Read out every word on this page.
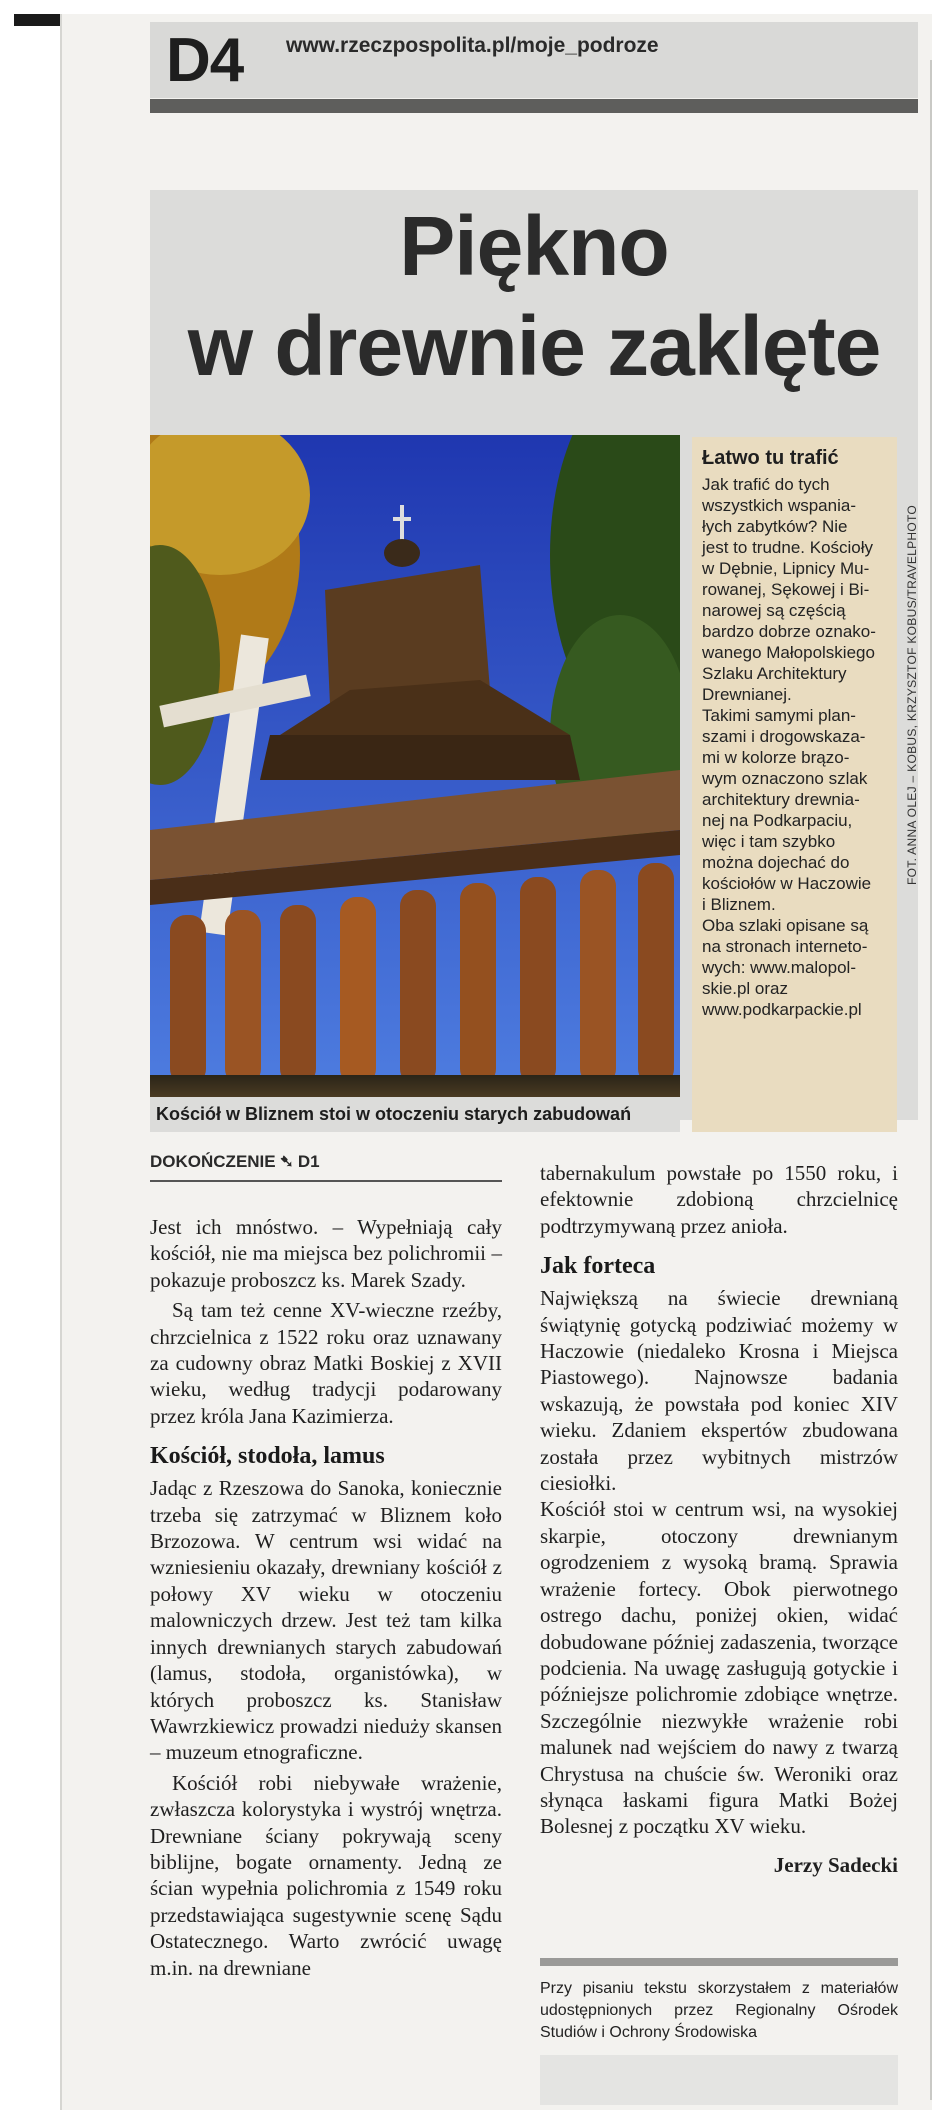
D4 www.rzeczpospolita.pl/moje_podroze
Piękno
w drewnie zaklęte
Kościół w Bliznem stoi w otoczeniu starych zabudowań
Łatwo tu trafić
Jak trafić do tych
wszystkich wspania-
łych zabytków? Nie
jest to trudne. Kościoły
w Dębnie, Lipnicy Mu-
rowanej, Sękowej i Bi-
narowej są częścią
bardzo dobrze oznako-
wanego Małopolskiego
Szlaku Architektury
Drewnianej.
Takimi samymi plan-
szami i drogowskaza-
mi w kolorze brązo-
wym oznaczono szlak
architektury drewnia-
nej na Podkarpaciu,
więc i tam szybko
można dojechać do
kościołów w Haczowie
i Bliznem.
Oba szlaki opisane są
na stronach interneto-
wych: www.malopol-
skie.pl oraz
www.podkarpackie.pl
FOT. ANNA OLEJ – KOBUS, KRZYSZTOF KOBUS/TRAVELPHOTO
DOKOŃCZENIE ➷ D1

Jest ich mnóstwo. – Wypełniają cały kościół, nie ma miejsca bez polichromii – pokazuje proboszcz ks. Marek Szady.

Są tam też cenne XV-wieczne rzeźby, chrzcielnica z 1522 roku oraz uznawany za cudowny obraz Matki Boskiej z XVII wieku, według tradycji podarowany przez króla Jana Kazimierza.

Kościół, stodoła, lamus

Jadąc z Rzeszowa do Sanoka, koniecznie trzeba się zatrzymać w Bliznem koło Brzozowa. W centrum wsi widać na wzniesieniu okazały, drewniany kościół z połowy XV wieku w otoczeniu malowniczych drzew. Jest też tam kilka innych drewnianych starych zabudowań (lamus, stodoła, organistówka), w których proboszcz ks. Stanisław Wawrzkiewicz prowadzi nieduży skansen – muzeum etnograficzne.

Kościół robi niebywałe wrażenie, zwłaszcza kolorystyka i wystrój wnętrza. Drewniane ściany pokrywają sceny biblijne, bogate ornamenty. Jedną ze ścian wypełnia polichromia z 1549 roku przedstawiająca sugestywnie scenę Sądu Ostatecznego. Warto zwrócić uwagę m.in. na drewniane

tabernakulum powstałe po 1550 roku, i efektownie zdobioną chrzcielnicę podtrzymywaną przez anioła.

Jak forteca

Największą na świecie drewnianą świątynię gotycką podziwiać możemy w Haczowie (niedaleko Krosna i Miejsca Piastowego). Najnowsze badania wskazują, że powstała pod koniec XIV wieku. Zdaniem ekspertów zbudowana została przez wybitnych mistrzów ciesiołki.

Kościół stoi w centrum wsi, na wysokiej skarpie, otoczony drewnianym ogrodzeniem z wysoką bramą. Sprawia wrażenie fortecy. Obok pierwotnego ostrego dachu, poniżej okien, widać dobudowane później zadaszenia, tworzące podcienia. Na uwagę zasługują gotyckie i późniejsze polichromie zdobiące wnętrze. Szczególnie niezwykłe wrażenie robi malunek nad wejściem do nawy z twarzą Chrystusa na chuście św. Weroniki oraz słynąca łaskami figura Matki Bożej Bolesnej z początku XV wieku.

Jerzy Sadecki

Przy pisaniu tekstu skorzystałem z materiałów udostępnionych przez Regionalny Ośrodek Studiów i Ochrony Środowiska
